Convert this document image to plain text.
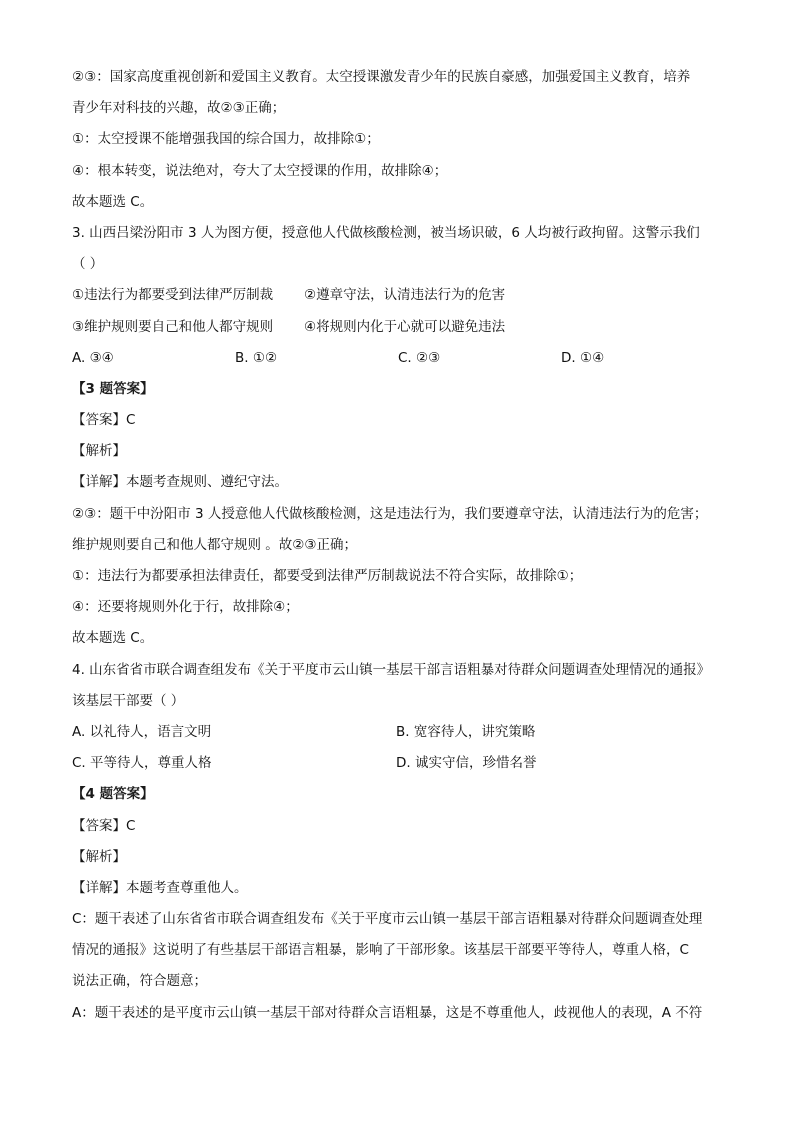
②③：国家高度重视创新和爱国主义教育。太空授课激发青少年的民族自豪感，加强爱国主义教育，培养
青少年对科技的兴趣，故②③正确；
①：太空授课不能增强我国的综合国力，故排除①；
④：根本转变，说法绝对，夸大了太空授课的作用，故排除④；
故本题选 C。
3. 山西吕梁汾阳市 3 人为图方便，授意他人代做核酸检测，被当场识破，6 人均被行政拘留。这警示我们
（ ）
①违法行为都要受到法律严厉制裁	②遵章守法，认清违法行为的危害
③维护规则要自己和他人都守规则	④将规则内化于心就可以避免违法
A. ③④	B. ①②	C. ②③	D. ①④
【3 题答案】
【答案】C
【解析】
【详解】本题考查规则、遵纪守法。
②③：题干中汾阳市 3 人授意他人代做核酸检测，这是违法行为，我们要遵章守法，认清违法行为的危害；
维护规则要自己和他人都守规则 。故②③正确；
①：违法行为都要承担法律责任，都要受到法律严厉制裁说法不符合实际，故排除①；
④：还要将规则外化于行，故排除④；
故本题选 C。
4. 山东省省市联合调查组发布《关于平度市云山镇一基层干部言语粗暴对待群众问题调查处理情况的通报》
该基层干部要（ ）
A. 以礼待人，语言文明	B. 宽容待人，讲究策略
C. 平等待人，尊重人格	D. 诚实守信，珍惜名誉
【4 题答案】
【答案】C
【解析】
【详解】本题考查尊重他人。
C：题干表述了山东省省市联合调查组发布《关于平度市云山镇一基层干部言语粗暴对待群众问题调查处理
情况的通报》这说明了有些基层干部语言粗暴，影响了干部形象。该基层干部要平等待人，尊重人格，C
说法正确，符合题意；
A：题干表述的是平度市云山镇一基层干部对待群众言语粗暴，这是不尊重他人，歧视他人的表现，A 不符
